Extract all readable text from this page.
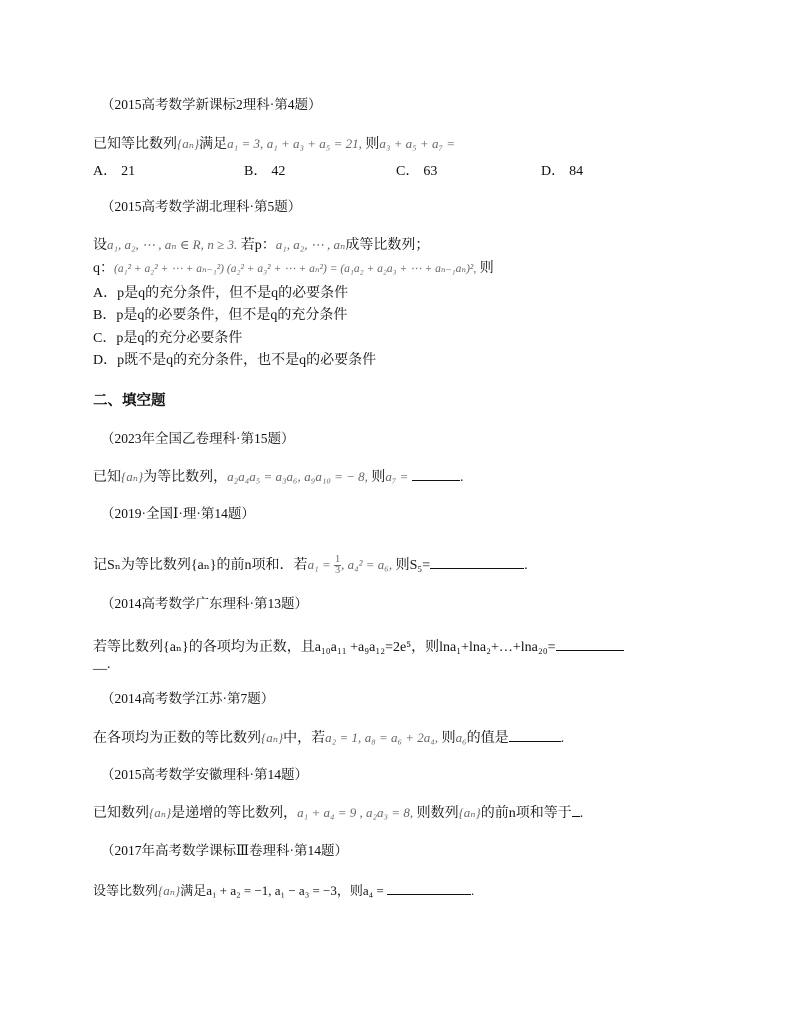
（2015高考数学新课标2理科·第4题）
已知等比数列{aₙ}满足a₁ = 3, a₁ + a₃ + a₅ = 21, 则a₃ + a₅ + a₇ =
A． 21	B． 42	C． 63	D． 84
（2015高考数学湖北理科·第5题）
设a₁, a₂, ⋯ , aₙ ∈ R, n ≥ 3. 若p：a₁, a₂, ⋯ , aₙ成等比数列；
q：(a₁² + a₂² + ⋯ + aₙ₋₁²) (a₂² + a₃² + ⋯ + aₙ²) = (a₁a₂ + a₂a₃ + ⋯ + aₙ₋₁aₙ)², 则
A．p是q的充分条件，但不是q的必要条件
B．p是q的必要条件，但不是q的充分条件
C．p是q的充分必要条件
D．p既不是q的充分条件，也不是q的必要条件
二、填空题
（2023年全国乙卷理科·第15题）
已知{aₙ}为等比数列，a₂a₄a₅ = a₃a₆, a₉a₁₀ = − 8, 则a₇ =	.
（2019·全国Ⅰ·理·第14题）
记Sₙ为等比数列{aₙ}的前n项和．若$a_1 = \frac{1}{3}$ , a₄² = a₆, 则S₅=	.
（2014高考数学广东理科·第13题）
若等比数列{aₙ}的各项均为正数，且a₁₀a₁₁ +a₉a₁₂=2e⁵，则lna₁+lna₂+…+lna₂₀=
__.
（2014高考数学江苏·第7题）
在各项均为正数的等比数列{aₙ}中，若a₂ = 1, a₈ = a₆ + 2a₄, 则a₆的值是	.
（2015高考数学安徽理科·第14题）
已知数列{aₙ}是递增的等比数列，a₁ + a₄ = 9 , a₂a₃ = 8, 则数列{aₙ}的前n项和等于 .
（2017年高考数学课标Ⅲ卷理科·第14题）
设等比数列{aₙ}满足a₁ + a₂ = −1, a₁ − a₃ = −3，则a₄ =	.
